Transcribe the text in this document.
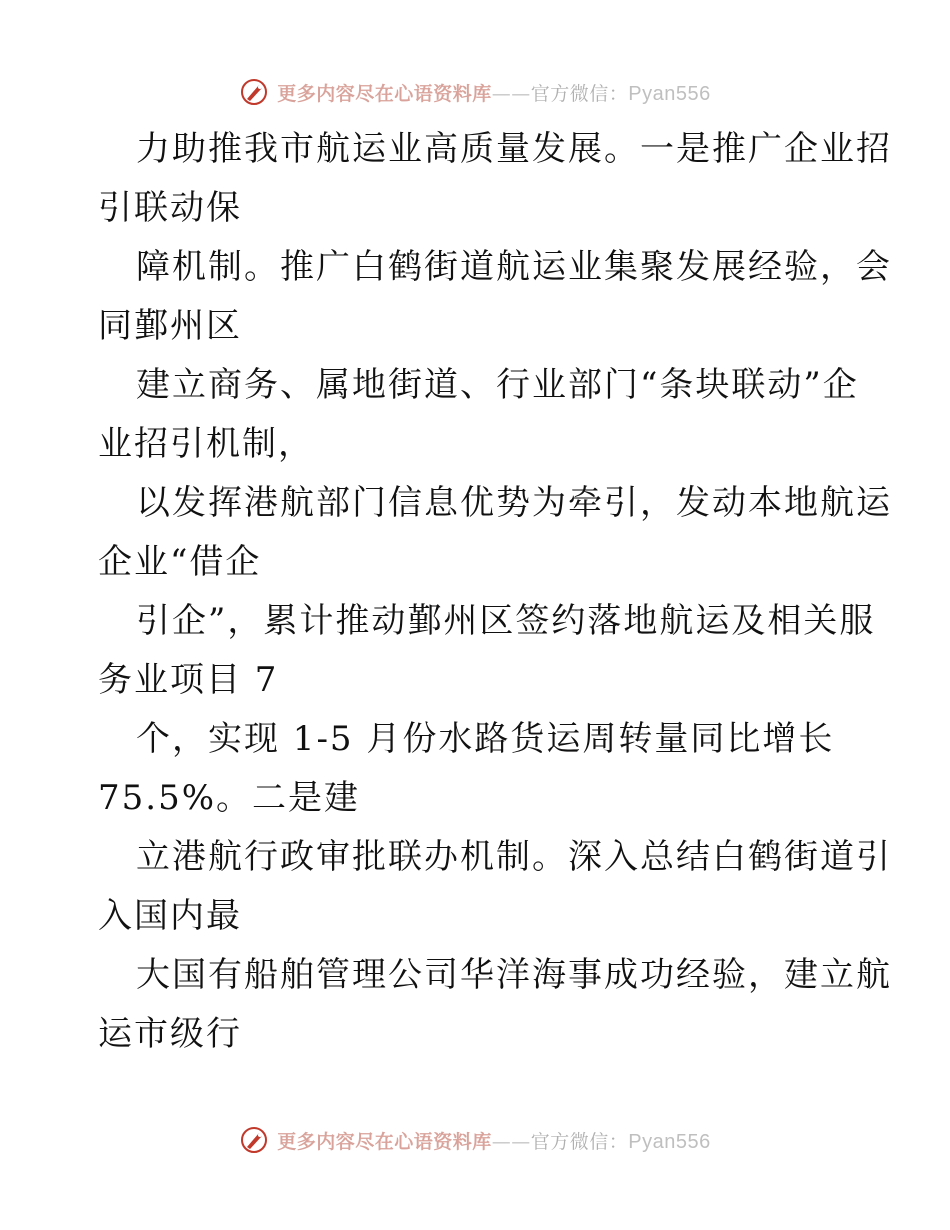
更多内容尽在心语资料库——官方微信：Pyan556
力助推我市航运业高质量发展。一是推广企业招
引联动保
障机制。推广白鹤街道航运业集聚发展经验，会
同鄞州区
建立商务、属地街道、行业部门“条块联动”企
业招引机制，
以发挥港航部门信息优势为牵引，发动本地航运
企业“借企
引企”，累计推动鄞州区签约落地航运及相关服
务业项目 7
个，实现 1-5 月份水路货运周转量同比增长
75.5%。二是建
立港航行政审批联办机制。深入总结白鹤街道引
入国内最
大国有船舶管理公司华洋海事成功经验，建立航
运市级行
更多内容尽在心语资料库——官方微信：Pyan556
